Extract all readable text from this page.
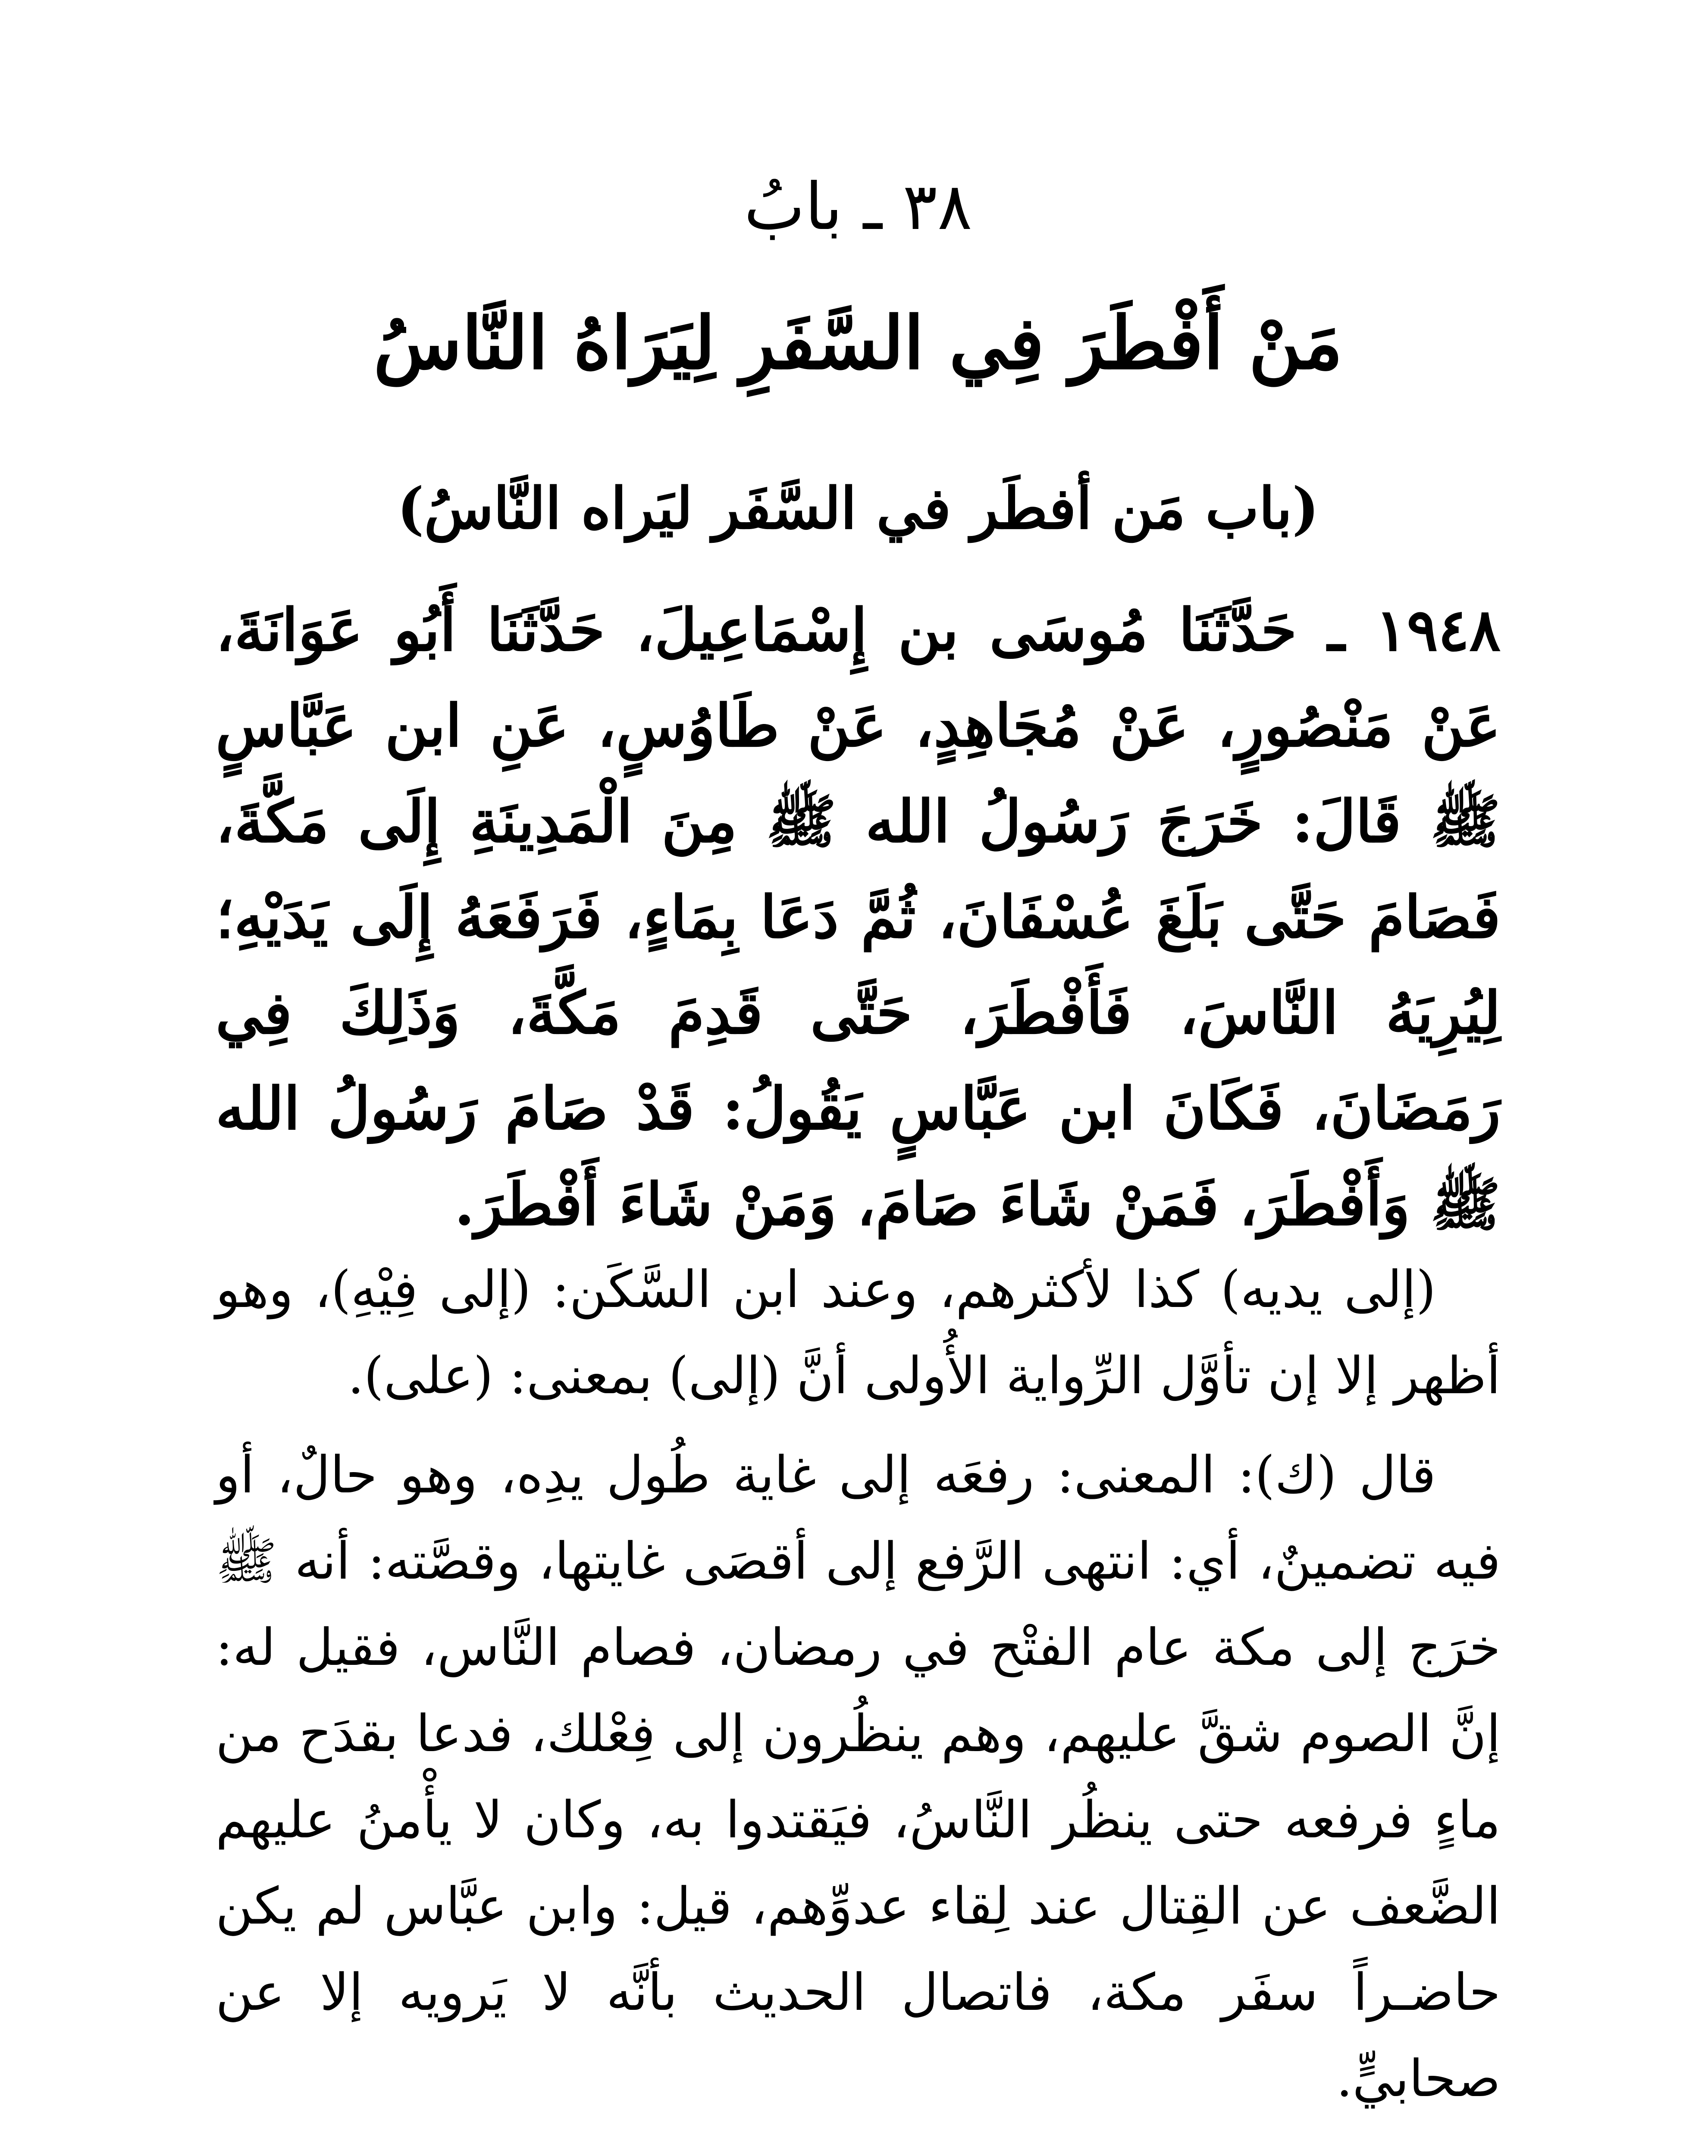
٣٨ ـ بابُ
مَنْ أَفْطَرَ فِي السَّفَرِ لِيَرَاهُ النَّاسُ
(باب مَن أفطَر في السَّفَر ليَراه النَّاسُ)

١٩٤٨ ـ حَدَّثَنَا مُوسَى بن إِسْمَاعِيلَ، حَدَّثَنَا أَبُو عَوَانَةَ، عَنْ مَنْصُورٍ، عَنْ مُجَاهِدٍ، عَنْ طَاوُسٍ، عَنِ ابن عَبَّاسٍ ﷺ قَالَ: خَرَجَ رَسُولُ الله ﷺ مِنَ الْمَدِينَةِ إِلَى مَكَّةَ، فَصَامَ حَتَّى بَلَغَ عُسْفَانَ، ثُمَّ دَعَا بِمَاءٍ، فَرَفَعَهُ إِلَى يَدَيْهِ؛ لِيُرِيَهُ النَّاسَ، فَأَفْطَرَ، حَتَّى قَدِمَ مَكَّةَ، وَذَلِكَ فِي رَمَضَانَ، فَكَانَ ابن عَبَّاسٍ يَقُولُ: قَدْ صَامَ رَسُولُ الله ﷺ وَأَفْطَرَ، فَمَنْ شَاءَ صَامَ، وَمَنْ شَاءَ أَفْطَرَ.

(إلى يديه) كذا لأكثرهم، وعند ابن السَّكَن: (إلى فِيْهِ)، وهو أظهر إلا إن تأوَّل الرِّواية الأُولى أنَّ (إلى) بمعنى: (على).

قال (ك): المعنى: رفعَه إلى غاية طُول يدِه، وهو حالٌ، أو فيه تضمينٌ، أي: انتهى الرَّفع إلى أقصَى غايتها، وقصَّته: أنه ﷺ خرَج إلى مكة عام الفتْح في رمضان، فصام النَّاس، فقيل له: إنَّ الصوم شقَّ عليهم، وهم ينظُرون إلى فِعْلك، فدعا بقدَح من ماءٍ فرفعه حتى ينظُر النَّاسُ، فيَقتدوا به، وكان لا يأْمنُ عليهم الضَّعف عن القِتال عند لِقاء عدوِّهم، قيل: وابن عبَّاس لم يكن حاضـراً سفَر مكة، فاتصال الحديث بأنَّه لا يَرويه إلا عن صحابيٍّ.
